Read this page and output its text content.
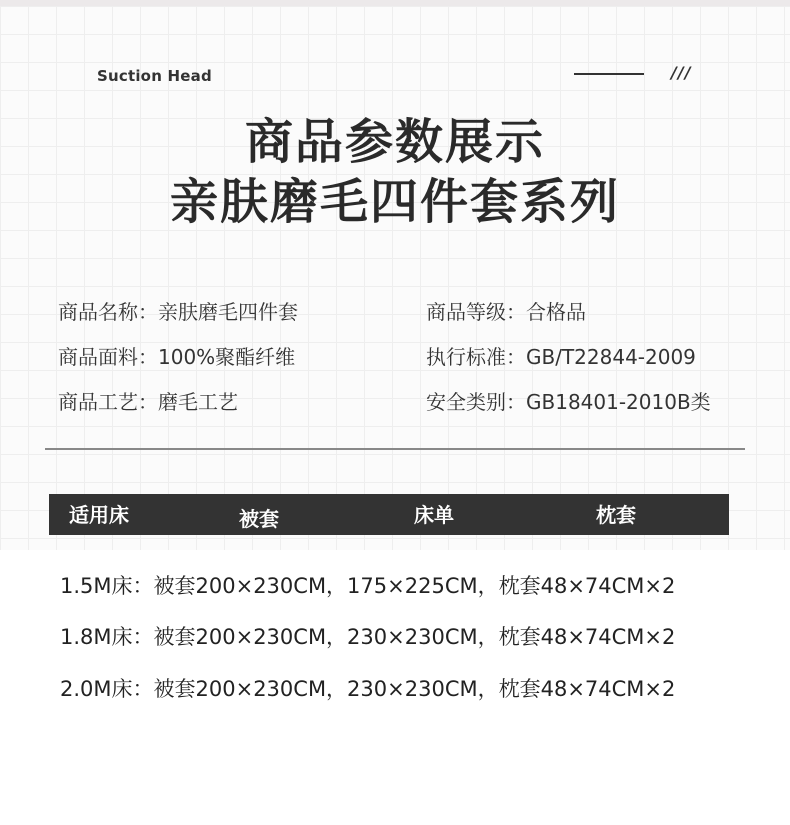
Suction Head	///
商品参数展示
亲肤磨毛四件套系列
商品名称：亲肤磨毛四件套	商品等级：合格品
商品面料：100%聚酯纤维	执行标准：GB/T22844-2009
商品工艺：磨毛工艺	安全类别：GB18401-2010B类
适用床	被套	床单	枕套
1.5M床：被套200×230CM，175×225CM，枕套48×74CM×2
1.8M床：被套200×230CM，230×230CM，枕套48×74CM×2
2.0M床：被套200×230CM，230×230CM，枕套48×74CM×2
